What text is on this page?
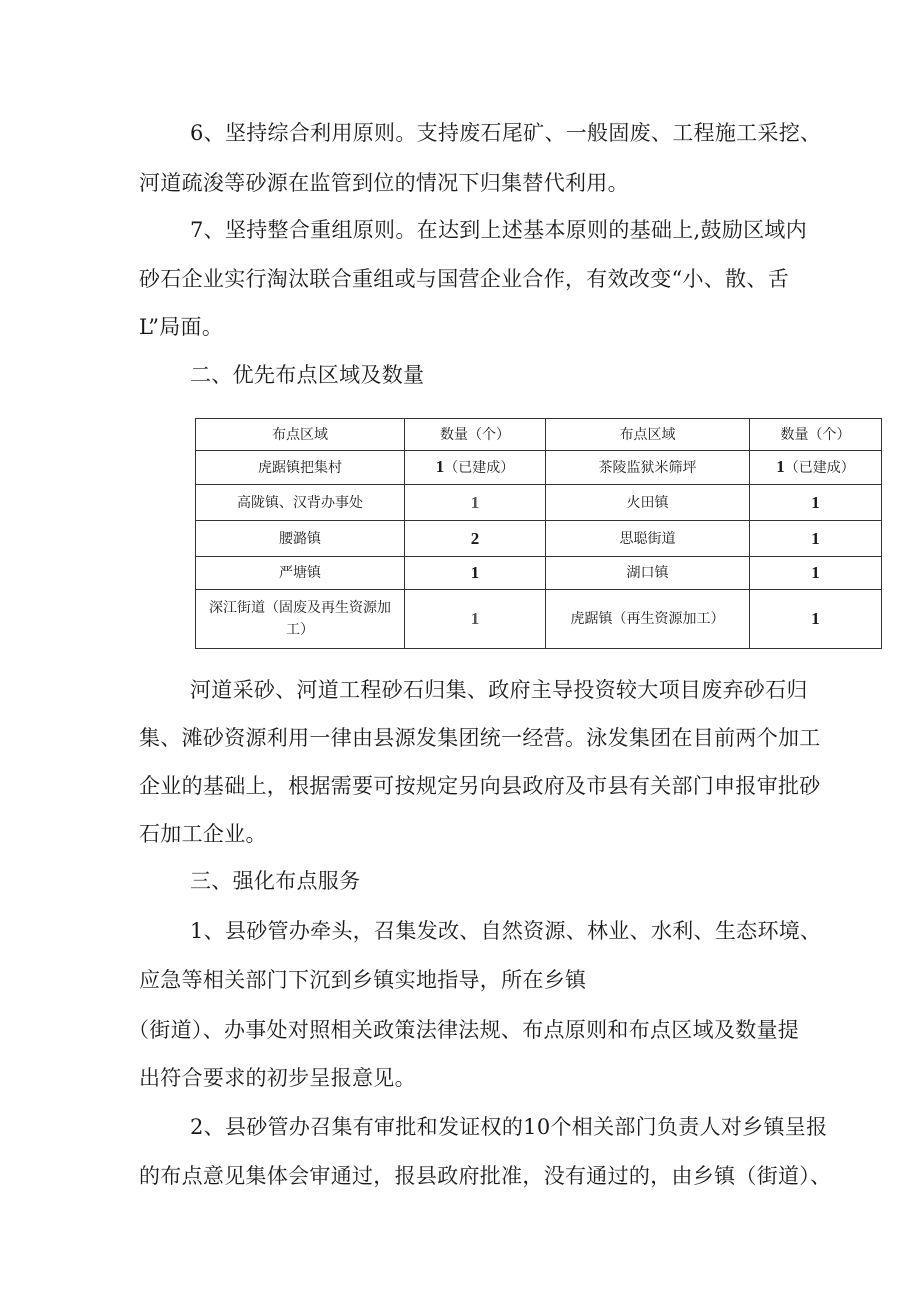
6、坚持综合利用原则。支持废石尾矿、一般固废、工程施工采挖、

河道疏浚等砂源在监管到位的情况下归集替代利用。

7、坚持整合重组原则。在达到上述基本原则的基础上,鼓励区域内

砂石企业实行淘汰联合重组或与国营企业合作，有效改变“小、散、舌

L”局面。

二、优先布点区域及数量

布点区域	数量（个）	布点区域	数量（个）
虎踞镇把集村	1（已建成）	茶陵监狱米筛坪	1（已建成）
高陇镇、汉背办事处	1	火田镇	1
腰潞镇	2	思聪街道	1
严塘镇	1	湖口镇	1
深江街道（固废及再生资源加工）	1	虎踞镇（再生资源加工）	1

河道采砂、河道工程砂石归集、政府主导投资较大项目废弃砂石归

集、滩砂资源利用一律由县源发集团统一经营。泳发集团在目前两个加工

企业的基础上，根据需要可按规定另向县政府及市县有关部门申报审批砂

石加工企业。

三、强化布点服务

1、县砂管办牵头，召集发改、自然资源、林业、水利、生态环境、

应急等相关部门下沉到乡镇实地指导，所在乡镇

（街道）、办事处对照相关政策法律法规、布点原则和布点区域及数量提

出符合要求的初步呈报意见。

2、县砂管办召集有审批和发证权的10个相关部门负责人对乡镇呈报

的布点意见集体会审通过，报县政府批准，没有通过的，由乡镇（街道）、
